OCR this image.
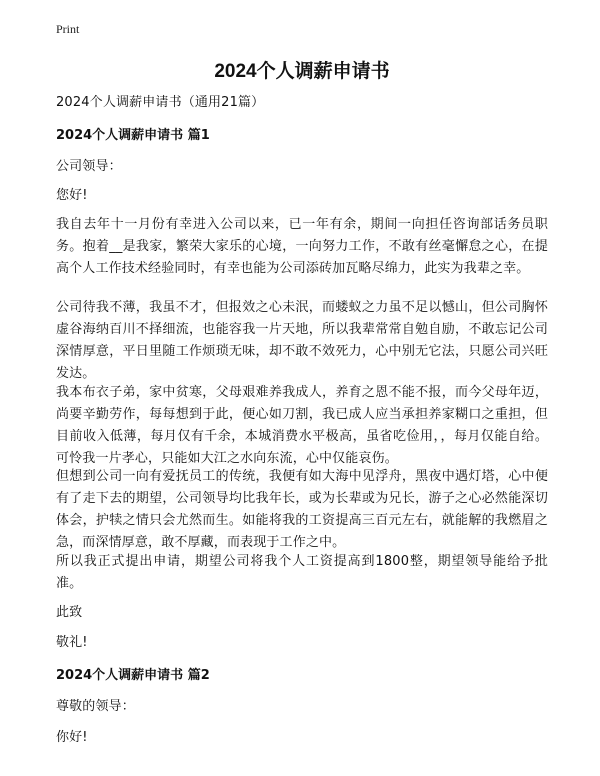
Print
2024个人调薪申请书

2024个人调薪申请书（通用21篇）

2024个人调薪申请书 篇1

公司领导：

您好!

我自去年十一月份有幸进入公司以来，已一年有余，期间一向担任咨询部话务员职务。抱着__是我家，繁荣大家乐的心境，一向努力工作，不敢有丝毫懈怠之心，在提高个人工作技术经验同时，有幸也能为公司添砖加瓦略尽绵力，此实为我辈之幸。

公司待我不薄，我虽不才，但报效之心未泯，而蝼蚁之力虽不足以憾山，但公司胸怀虚谷海纳百川不择细流，也能容我一片天地，所以我辈常常自勉自励，不敢忘记公司深情厚意，平日里随工作烦琐无味，却不敢不效死力，心中别无它法，只愿公司兴旺发达。

我本布衣子弟，家中贫寒，父母艰难养我成人，养育之恩不能不报，而今父母年迈，尚要辛勤劳作，每每想到于此，便心如刀割，我已成人应当承担养家糊口之重担，但目前收入低薄，每月仅有千余，本城消费水平极高，虽省吃俭用，，每月仅能自给。可怜我一片孝心，只能如大江之水向东流，心中仅能哀伤。

但想到公司一向有爱抚员工的传统，我便有如大海中见浮舟，黑夜中遇灯塔，心中便有了走下去的期望，公司领导均比我年长，或为长辈或为兄长，游子之心必然能深切体会，护犊之情只会尤然而生。如能将我的工资提高三百元左右，就能解的我燃眉之急，而深情厚意，敢不厚藏，而表现于工作之中。

所以我正式提出申请，期望公司将我个人工资提高到1800整，期望领导能给予批准。

此致

敬礼!

2024个人调薪申请书 篇2

尊敬的领导：

你好!
